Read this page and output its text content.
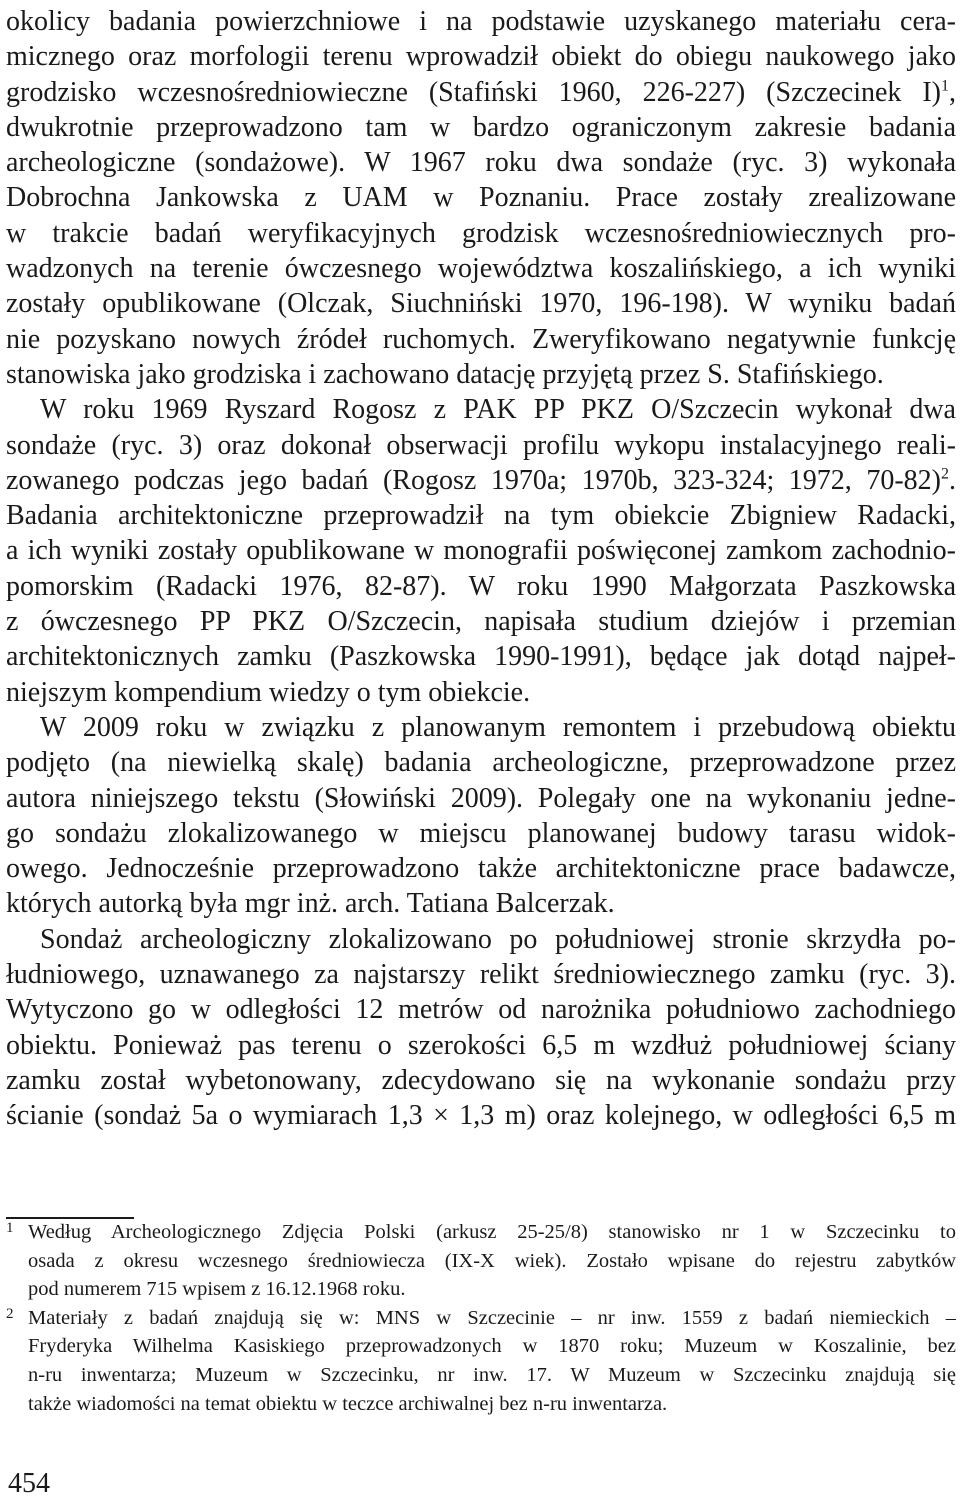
okolicy badania powierzchniowe i na podstawie uzyskanego materiału cera-
micznego oraz morfologii terenu wprowadził obiekt do obiegu naukowego jako
grodzisko wczesnośredniowieczne (Stafiński 1960, 226-227) (Szczecinek I)$^1$,
dwukrotnie przeprowadzono tam w bardzo ograniczonym zakresie badania
archeologiczne (sondażowe). W 1967 roku dwa sondaże (ryc. 3) wykonała
Dobrochna Jankowska z UAM w Poznaniu. Prace zostały zrealizowane
w trakcie badań weryfikacyjnych grodzisk wczesnośredniowiecznych pro-
wadzonych na terenie ówczesnego województwa koszalińskiego, a ich wyniki
zostały opublikowane (Olczak, Siuchniński 1970, 196-198). W wyniku badań
nie pozyskano nowych źródeł ruchomych. Zweryfikowano negatywnie funkcję
stanowiska jako grodziska i zachowano datację przyjętą przez S. Stafińskiego.
W roku 1969 Ryszard Rogosz z PAK PP PKZ O/Szczecin wykonał dwa
sondaże (ryc. 3) oraz dokonał obserwacji profilu wykopu instalacyjnego reali-
zowanego podczas jego badań (Rogosz 1970a; 1970b, 323-324; 1972, 70-82)$^2$.
Badania architektoniczne przeprowadził na tym obiekcie Zbigniew Radacki,
a ich wyniki zostały opublikowane w monografii poświęconej zamkom zachodnio-
pomorskim (Radacki 1976, 82-87). W roku 1990 Małgorzata Paszkowska
z ówczesnego PP PKZ O/Szczecin, napisała studium dziejów i przemian
architektonicznych zamku (Paszkowska 1990-1991), będące jak dotąd najpeł-
niejszym kompendium wiedzy o tym obiekcie.
W 2009 roku w związku z planowanym remontem i przebudową obiektu
podjęto (na niewielką skalę) badania archeologiczne, przeprowadzone przez
autora niniejszego tekstu (Słowiński 2009). Polegały one na wykonaniu jedne-
go sondażu zlokalizowanego w miejscu planowanej budowy tarasu widok-
owego. Jednocześnie przeprowadzono także architektoniczne prace badawcze,
których autorką była mgr inż. arch. Tatiana Balcerzak.
Sondaż archeologiczny zlokalizowano po południowej stronie skrzydła po-
łudniowego, uznawanego za najstarszy relikt średniowiecznego zamku (ryc. 3).
Wytyczono go w odległości 12 metrów od narożnika południowo zachodniego
obiektu. Ponieważ pas terenu o szerokości 6,5 m wzdłuż południowej ściany
zamku został wybetonowany, zdecydowano się na wykonanie sondażu przy
ścianie (sondaż 5a o wymiarach 1,3 × 1,3 m) oraz kolejnego, w odległości 6,5 m
1 Według Archeologicznego Zdjęcia Polski (arkusz 25-25/8) stanowisko nr 1 w Szczecinku to
osada z okresu wczesnego średniowiecza (IX-X wiek). Zostało wpisane do rejestru zabytków
pod numerem 715 wpisem z 16.12.1968 roku.
2 Materiały z badań znajdują się w: MNS w Szczecinie – nr inw. 1559 z badań niemieckich –
Fryderyka Wilhelma Kasiskiego przeprowadzonych w 1870 roku; Muzeum w Koszalinie, bez
n-ru inwentarza; Muzeum w Szczecinku, nr inw. 17. W Muzeum w Szczecinku znajdują się
także wiadomości na temat obiektu w teczce archiwalnej bez n-ru inwentarza.
454
